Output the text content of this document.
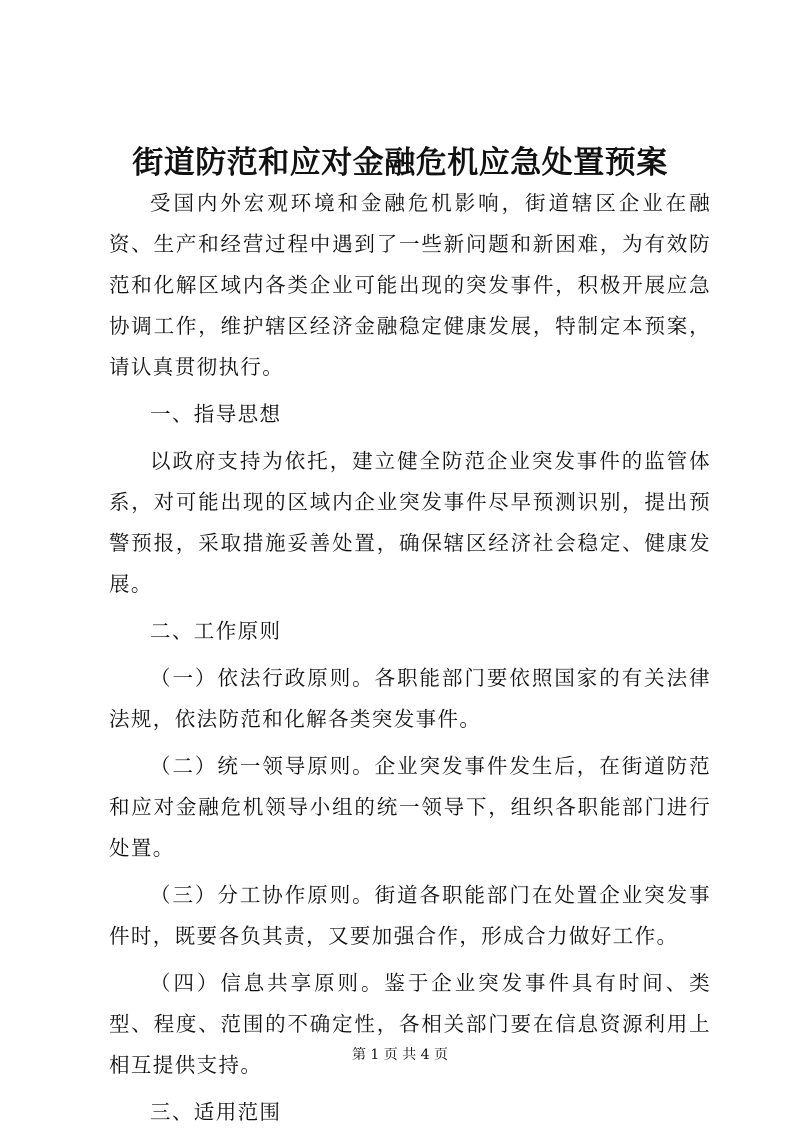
街道防范和应对金融危机应急处置预案

受国内外宏观环境和金融危机影响，街道辖区企业在融资、生产和经营过程中遇到了一些新问题和新困难，为有效防范和化解区域内各类企业可能出现的突发事件，积极开展应急协调工作，维护辖区经济金融稳定健康发展，特制定本预案，请认真贯彻执行。

一、指导思想

以政府支持为依托，建立健全防范企业突发事件的监管体系，对可能出现的区域内企业突发事件尽早预测识别，提出预警预报，采取措施妥善处置，确保辖区经济社会稳定、健康发展。

二、工作原则

（一）依法行政原则。各职能部门要依照国家的有关法律法规，依法防范和化解各类突发事件。

（二）统一领导原则。企业突发事件发生后，在街道防范和应对金融危机领导小组的统一领导下，组织各职能部门进行处置。

（三）分工协作原则。街道各职能部门在处置企业突发事件时，既要各负其责，又要加强合作，形成合力做好工作。

（四）信息共享原则。鉴于企业突发事件具有时间、类型、程度、范围的不确定性，各相关部门要在信息资源利用上相互提供支持。

三、适用范围

第 1 页 共 4 页
